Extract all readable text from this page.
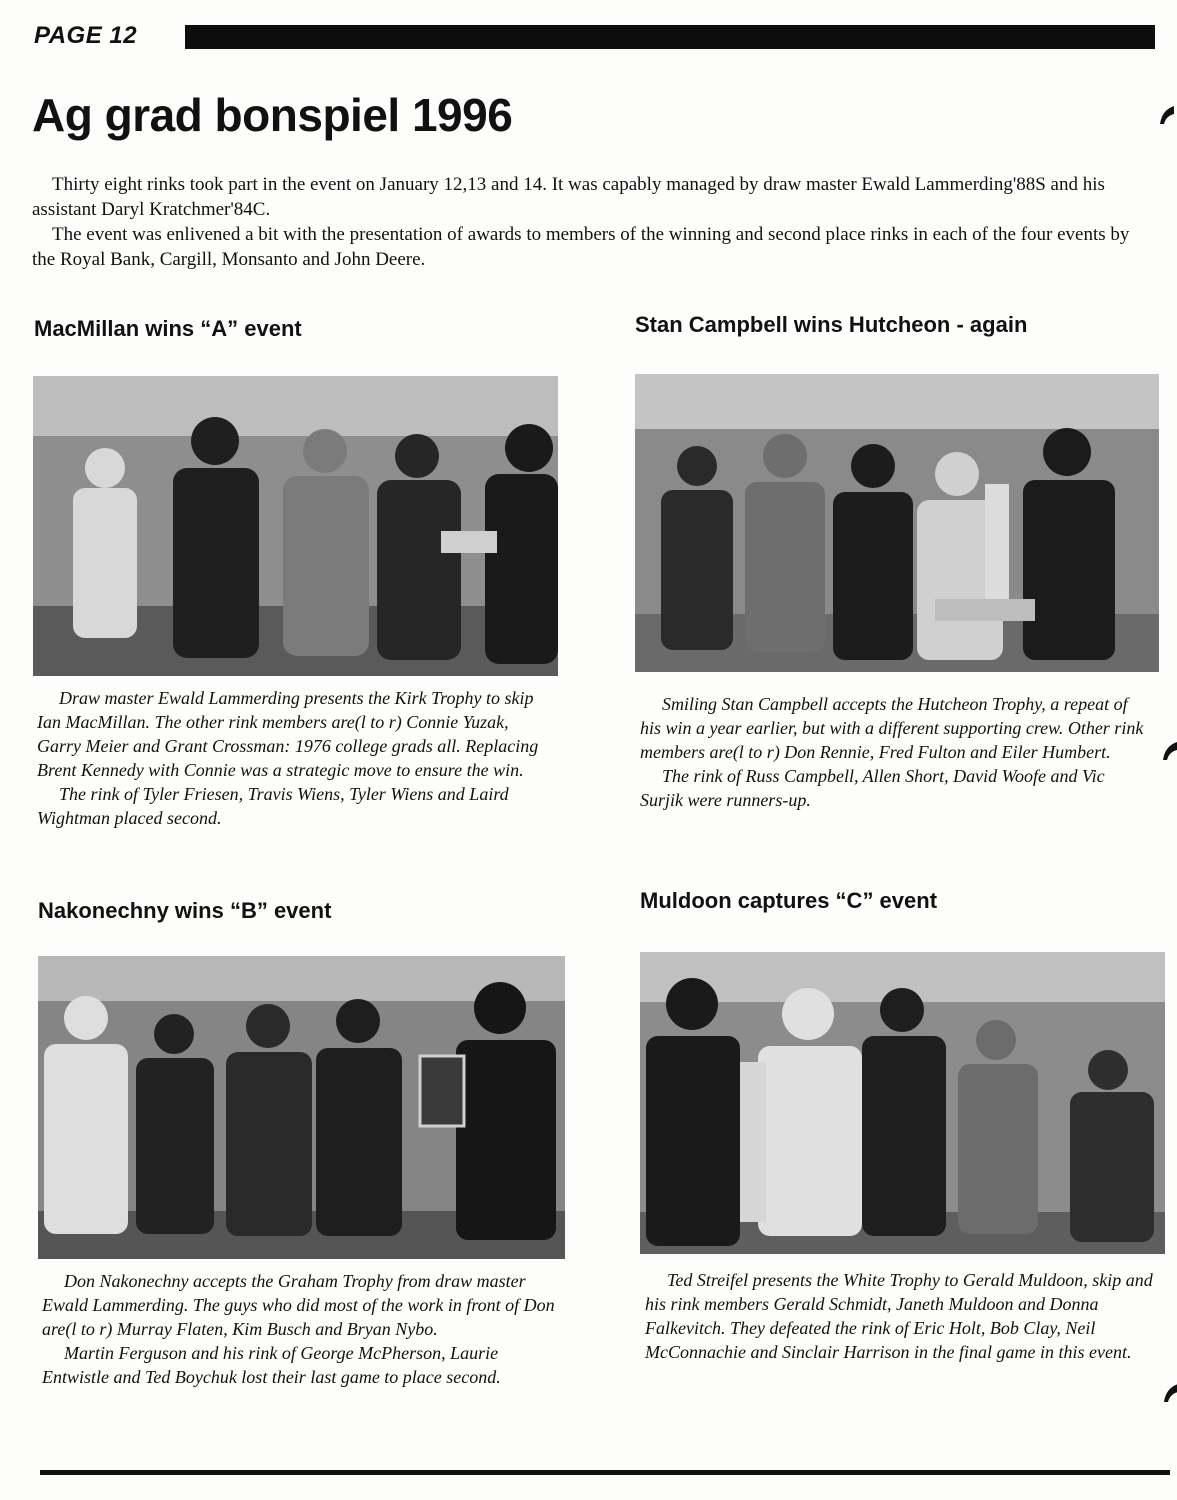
PAGE 12
Ag grad bonspiel 1996

Thirty eight rinks took part in the event on January 12,13 and 14. It was capably managed by draw master Ewald Lammerding'88S and his assistant Daryl Kratchmer'84C.

The event was enlivened a bit with the presentation of awards to members of the winning and second place rinks in each of the four events by the Royal Bank, Cargill, Monsanto and John Deere.

MacMillan wins “A” event

Draw master Ewald Lammerding presents the Kirk Trophy to skip Ian MacMillan. The other rink members are(l to r) Connie Yuzak, Garry Meier and Grant Crossman: 1976 college grads all. Replacing Brent Kennedy with Connie was a strategic move to ensure the win.

The rink of Tyler Friesen, Travis Wiens, Tyler Wiens and Laird Wightman placed second.

Stan Campbell wins Hutcheon - again

Smiling Stan Campbell accepts the Hutcheon Trophy, a repeat of his win a year earlier, but with a different supporting crew. Other rink members are(l to r) Don Rennie, Fred Fulton and Eiler Humbert.

The rink of Russ Campbell, Allen Short, David Woofe and Vic Surjik were runners-up.

Nakonechny wins “B” event

Don Nakonechny accepts the Graham Trophy from draw master Ewald Lammerding. The guys who did most of the work in front of Don are(l to r) Murray Flaten, Kim Busch and Bryan Nybo.

Martin Ferguson and his rink of George McPherson, Laurie Entwistle and Ted Boychuk lost their last game to place second.

Muldoon captures “C” event

Ted Streifel presents the White Trophy to Gerald Muldoon, skip and his rink members Gerald Schmidt, Janeth Muldoon and Donna Falkevitch. They defeated the rink of Eric Holt, Bob Clay, Neil McConnachie and Sinclair Harrison in the final game in this event.
